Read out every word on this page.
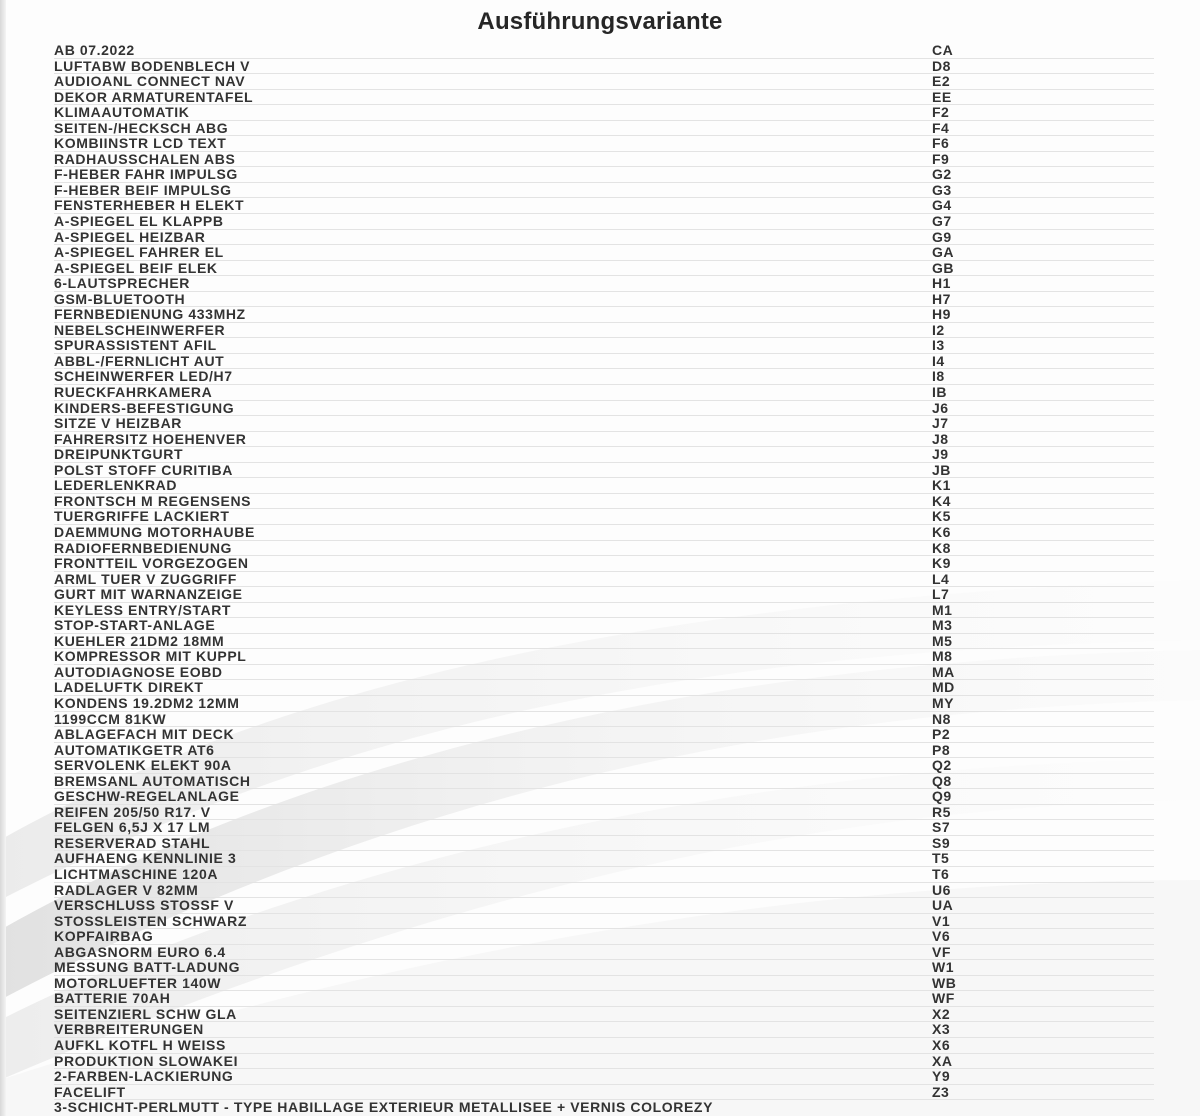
Ausführungsvariante
AB 07.2022	CA
LUFTABW BODENBLECH V	D8
AUDIOANL CONNECT NAV	E2
DEKOR ARMATURENTAFEL	EE
KLIMAAUTOMATIK	F2
SEITEN-/HECKSCH ABG	F4
KOMBIINSTR LCD TEXT	F6
RADHAUSSCHALEN ABS	F9
F-HEBER FAHR IMPULSG	G2
F-HEBER BEIF IMPULSG	G3
FENSTERHEBER H ELEKT	G4
A-SPIEGEL EL KLAPPB	G7
A-SPIEGEL HEIZBAR	G9
A-SPIEGEL FAHRER EL	GA
A-SPIEGEL BEIF ELEK	GB
6-LAUTSPRECHER	H1
GSM-BLUETOOTH	H7
FERNBEDIENUNG 433MHZ	H9
NEBELSCHEINWERFER	I2
SPURASSISTENT AFIL	I3
ABBL-/FERNLICHT AUT	I4
SCHEINWERFER LED/H7	I8
RUECKFAHRKAMERA	IB
KINDERS-BEFESTIGUNG	J6
SITZE V HEIZBAR	J7
FAHRERSITZ HOEHENVER	J8
DREIPUNKTGURT	J9
POLST STOFF CURITIBA	JB
LEDERLENKRAD	K1
FRONTSCH M REGENSENS	K4
TUERGRIFFE LACKIERT	K5
DAEMMUNG MOTORHAUBE	K6
RADIOFERNBEDIENUNG	K8
FRONTTEIL VORGEZOGEN	K9
ARML TUER V ZUGGRIFF	L4
GURT MIT WARNANZEIGE	L7
KEYLESS ENTRY/START	M1
STOP-START-ANLAGE	M3
KUEHLER 21DM2 18MM	M5
KOMPRESSOR MIT KUPPL	M8
AUTODIAGNOSE EOBD	MA
LADELUFTK DIREKT	MD
KONDENS 19.2DM2 12MM	MY
1199CCM 81KW	N8
ABLAGEFACH MIT DECK	P2
AUTOMATIKGETR AT6	P8
SERVOLENK ELEKT 90A	Q2
BREMSANL AUTOMATISCH	Q8
GESCHW-REGELANLAGE	Q9
REIFEN 205/50 R17. V	R5
FELGEN 6,5J X 17 LM	S7
RESERVERAD STAHL	S9
AUFHAENG KENNLINIE 3	T5
LICHTMASCHINE 120A	T6
RADLAGER V 82MM	U6
VERSCHLUSS STOSSF V	UA
STOSSLEISTEN SCHWARZ	V1
KOPFAIRBAG	V6
ABGASNORM EURO 6.4	VF
MESSUNG BATT-LADUNG	W1
MOTORLUEFTER 140W	WB
BATTERIE 70AH	WF
SEITENZIERL SCHW GLA	X2
VERBREITERUNGEN	X3
AUFKL KOTFL H WEISS	X6
PRODUKTION SLOWAKEI	XA
2-FARBEN-LACKIERUNG	Y9
FACELIFT	Z3
3-SCHICHT-PERLMUTT - TYPE HABILLAGE EXTERIEUR METALLISEE + VERNIS COLOREZY
